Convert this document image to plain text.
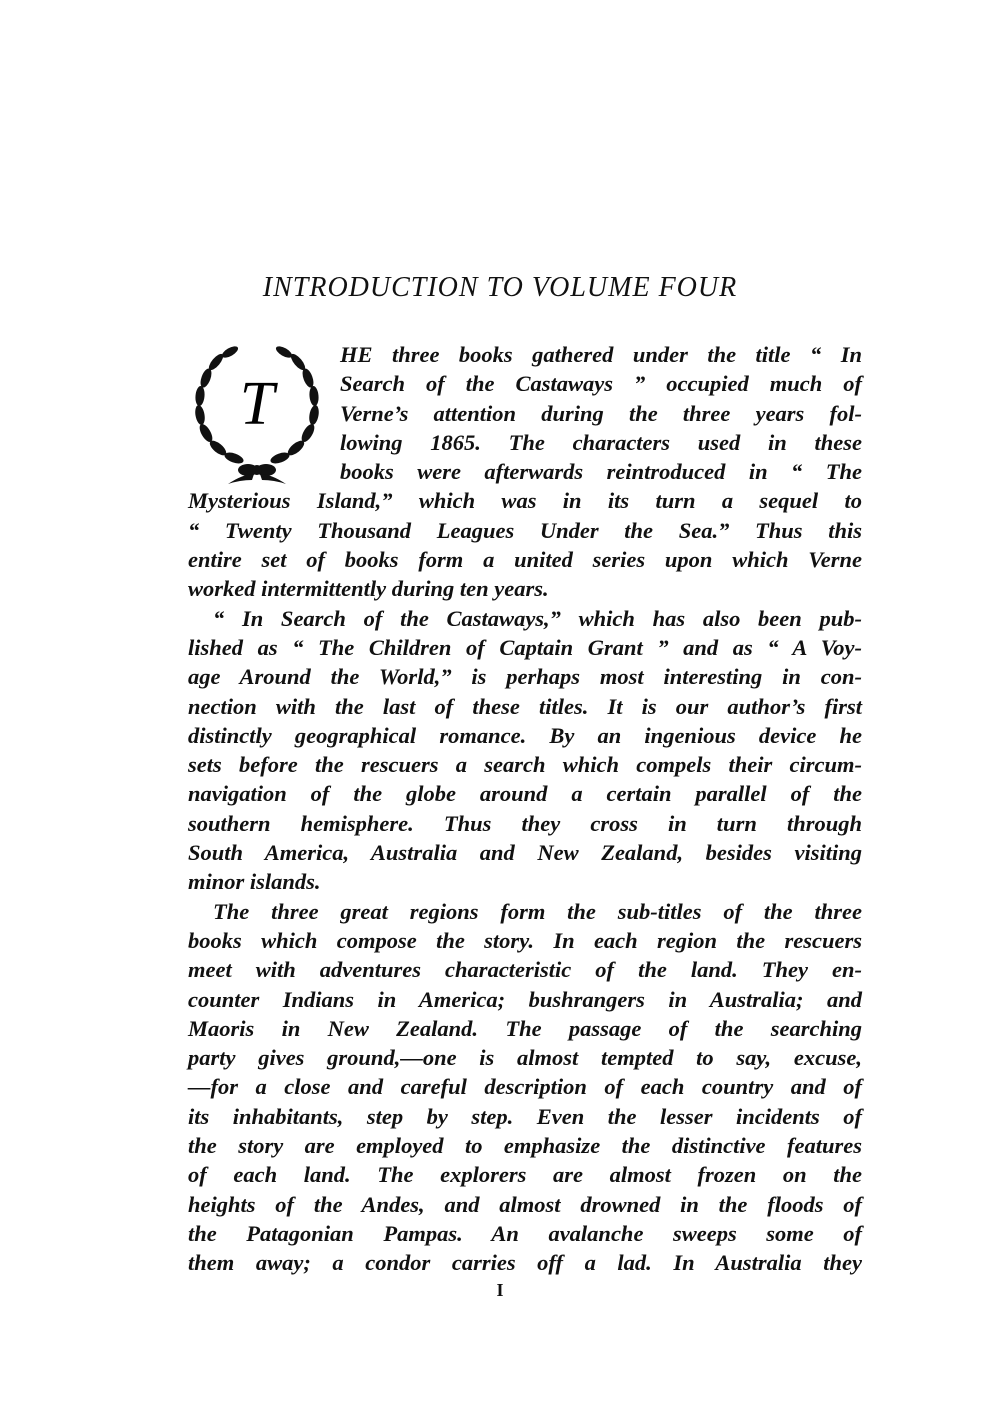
INTRODUCTION TO VOLUME FOUR
T
HE three books gathered under the title “ In
Search of the Castaways ” occupied much of
Verne’s attention during the three years fol-
lowing 1865. The characters used in these
books were afterwards reintroduced in “ The
Mysterious Island,” which was in its turn a sequel to
“ Twenty Thousand Leagues Under the Sea.” Thus this
entire set of books form a united series upon which Verne
worked intermittently during ten years.
“ In Search of the Castaways,” which has also been pub-
lished as “ The Children of Captain Grant ” and as “ A Voy-
age Around the World,” is perhaps most interesting in con-
nection with the last of these titles. It is our author’s first
distinctly geographical romance. By an ingenious device he
sets before the rescuers a search which compels their circum-
navigation of the globe around a certain parallel of the
southern hemisphere. Thus they cross in turn through
South America, Australia and New Zealand, besides visiting
minor islands.
The three great regions form the sub-titles of the three
books which compose the story. In each region the rescuers
meet with adventures characteristic of the land. They en-
counter Indians in America; bushrangers in Australia; and
Maoris in New Zealand. The passage of the searching
party gives ground,—one is almost tempted to say, excuse,
—for a close and careful description of each country and of
its inhabitants, step by step. Even the lesser incidents of
the story are employed to emphasize the distinctive features
of each land. The explorers are almost frozen on the
heights of the Andes, and almost drowned in the floods of
the Patagonian Pampas. An avalanche sweeps some of
them away; a condor carries off a lad. In Australia they
I
